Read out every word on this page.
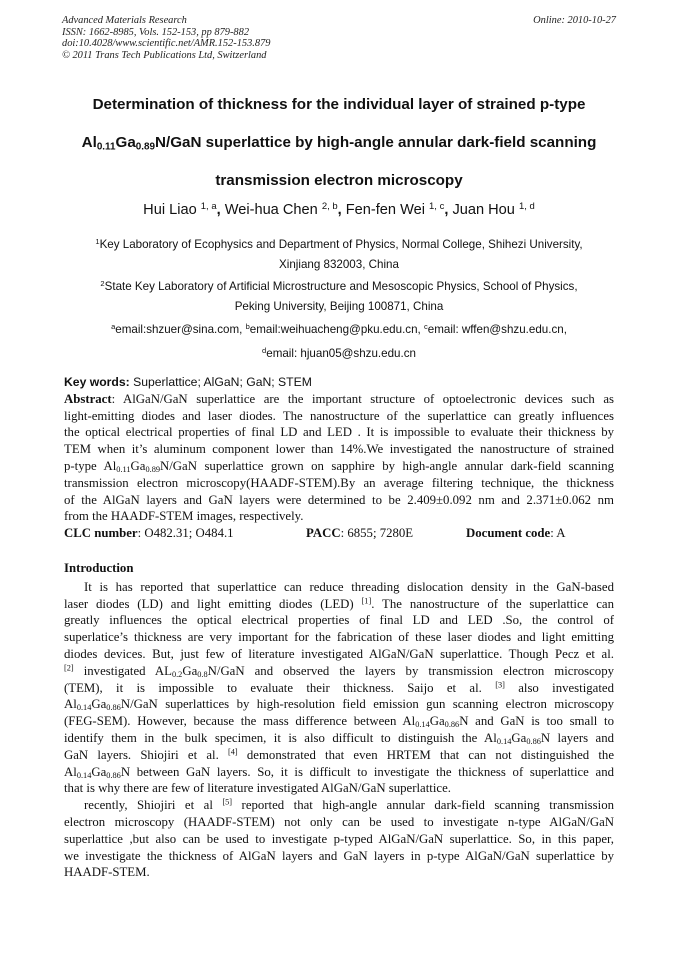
Advanced Materials Research
ISSN: 1662-8985, Vols. 152-153, pp 879-882
doi:10.4028/www.scientific.net/AMR.152-153.879
© 2011 Trans Tech Publications Ltd, Switzerland
Online: 2010-10-27
Determination of thickness for the individual layer of strained p-type
$Al_{0.11}Ga_{0.89}N$/GaN superlattice by high-angle annular dark-field scanning
transmission electron microscopy
Hui Liao $^{1, a}$, Wei-hua Chen $^{2, b}$, Fen-fen Wei $^{1, c}$, Juan Hou $^{1, d}$
$^1$Key Laboratory of Ecophysics and Department of Physics, Normal College, Shihezi University,
Xinjiang 832003, China
$^2$State Key Laboratory of Artificial Microstructure and Mesoscopic Physics, School of Physics,
Peking University, Beijing 100871, China
$^a$email:shzuer@sina.com, $^b$email:weihuacheng@pku.edu.cn, $^c$email: wffen@shzu.edu.cn,
$^d$email: hjuan05@shzu.edu.cn
Key words: Superlattice; AlGaN; GaN; STEM
Abstract: AlGaN/GaN superlattice are the important structure of optoelectronic devices such as
light-emitting diodes and laser diodes. The nanostructure of the superlattice can greatly influences
the optical electrical properties of final LD and LED . It is impossible to evaluate their thickness by
TEM when it’s aluminum component lower than 14%.We investigated the nanostructure of strained
p-type $Al_{0.11}Ga_{0.89}N$/GaN superlattice grown on sapphire by high-angle annular dark-field scanning
transmission electron microscopy(HAADF-STEM).By an average filtering technique, the thickness
of the AlGaN layers and GaN layers were determined to be 2.409±0.092 nm and 2.371±0.062 nm
from the HAADF-STEM images, respectively.
CLC number: O482.31; O484.1	PACC: 6855; 7280E	Document code: A
Introduction
It is has reported that superlattice can reduce threading dislocation density in the GaN-based
laser diodes (LD) and light emitting diodes (LED) [1]. The nanostructure of the superlattice can
greatly influences the optical electrical properties of final LD and LED .So, the control of
superlatice’s thickness are very important for the fabrication of these laser diodes and light emitting
diodes devices. But, just few of literature investigated AlGaN/GaN superlattice. Though Pecz et al.
[2] investigated $AL_{0.2}Ga_{0.8}N$/GaN and observed the layers by transmission electron microscopy
(TEM), it is impossible to evaluate their thickness. Saijo et al. [3] also investigated
$Al_{0.14}Ga_{0.86}N$/GaN superlattices by high-resolution field emission gun scanning electron microscopy
(FEG-SEM). However, because the mass difference between $Al_{0.14}Ga_{0.86}N$ and GaN is too small to
identify them in the bulk specimen, it is also difficult to distinguish the $Al_{0.14}Ga_{0.86}N$ layers and
GaN layers. Shiojiri et al. [4] demonstrated that even HRTEM that can not distinguished the
$Al_{0.14}Ga_{0.86}N$ between GaN layers. So, it is difficult to investigate the thickness of superlattice and
that is why there are few of literature investigated AlGaN/GaN superlattice.
recently, Shiojiri et al [5] reported that high-angle annular dark-field scanning transmission
electron microscopy (HAADF-STEM) not only can be used to investigate n-type AlGaN/GaN
superlattice ,but also can be used to investigate p-typed AlGaN/GaN superlattice. So, in this paper,
we investigate the thickness of AlGaN layers and GaN layers in p-type AlGaN/GaN superlattice by
HAADF-STEM.
